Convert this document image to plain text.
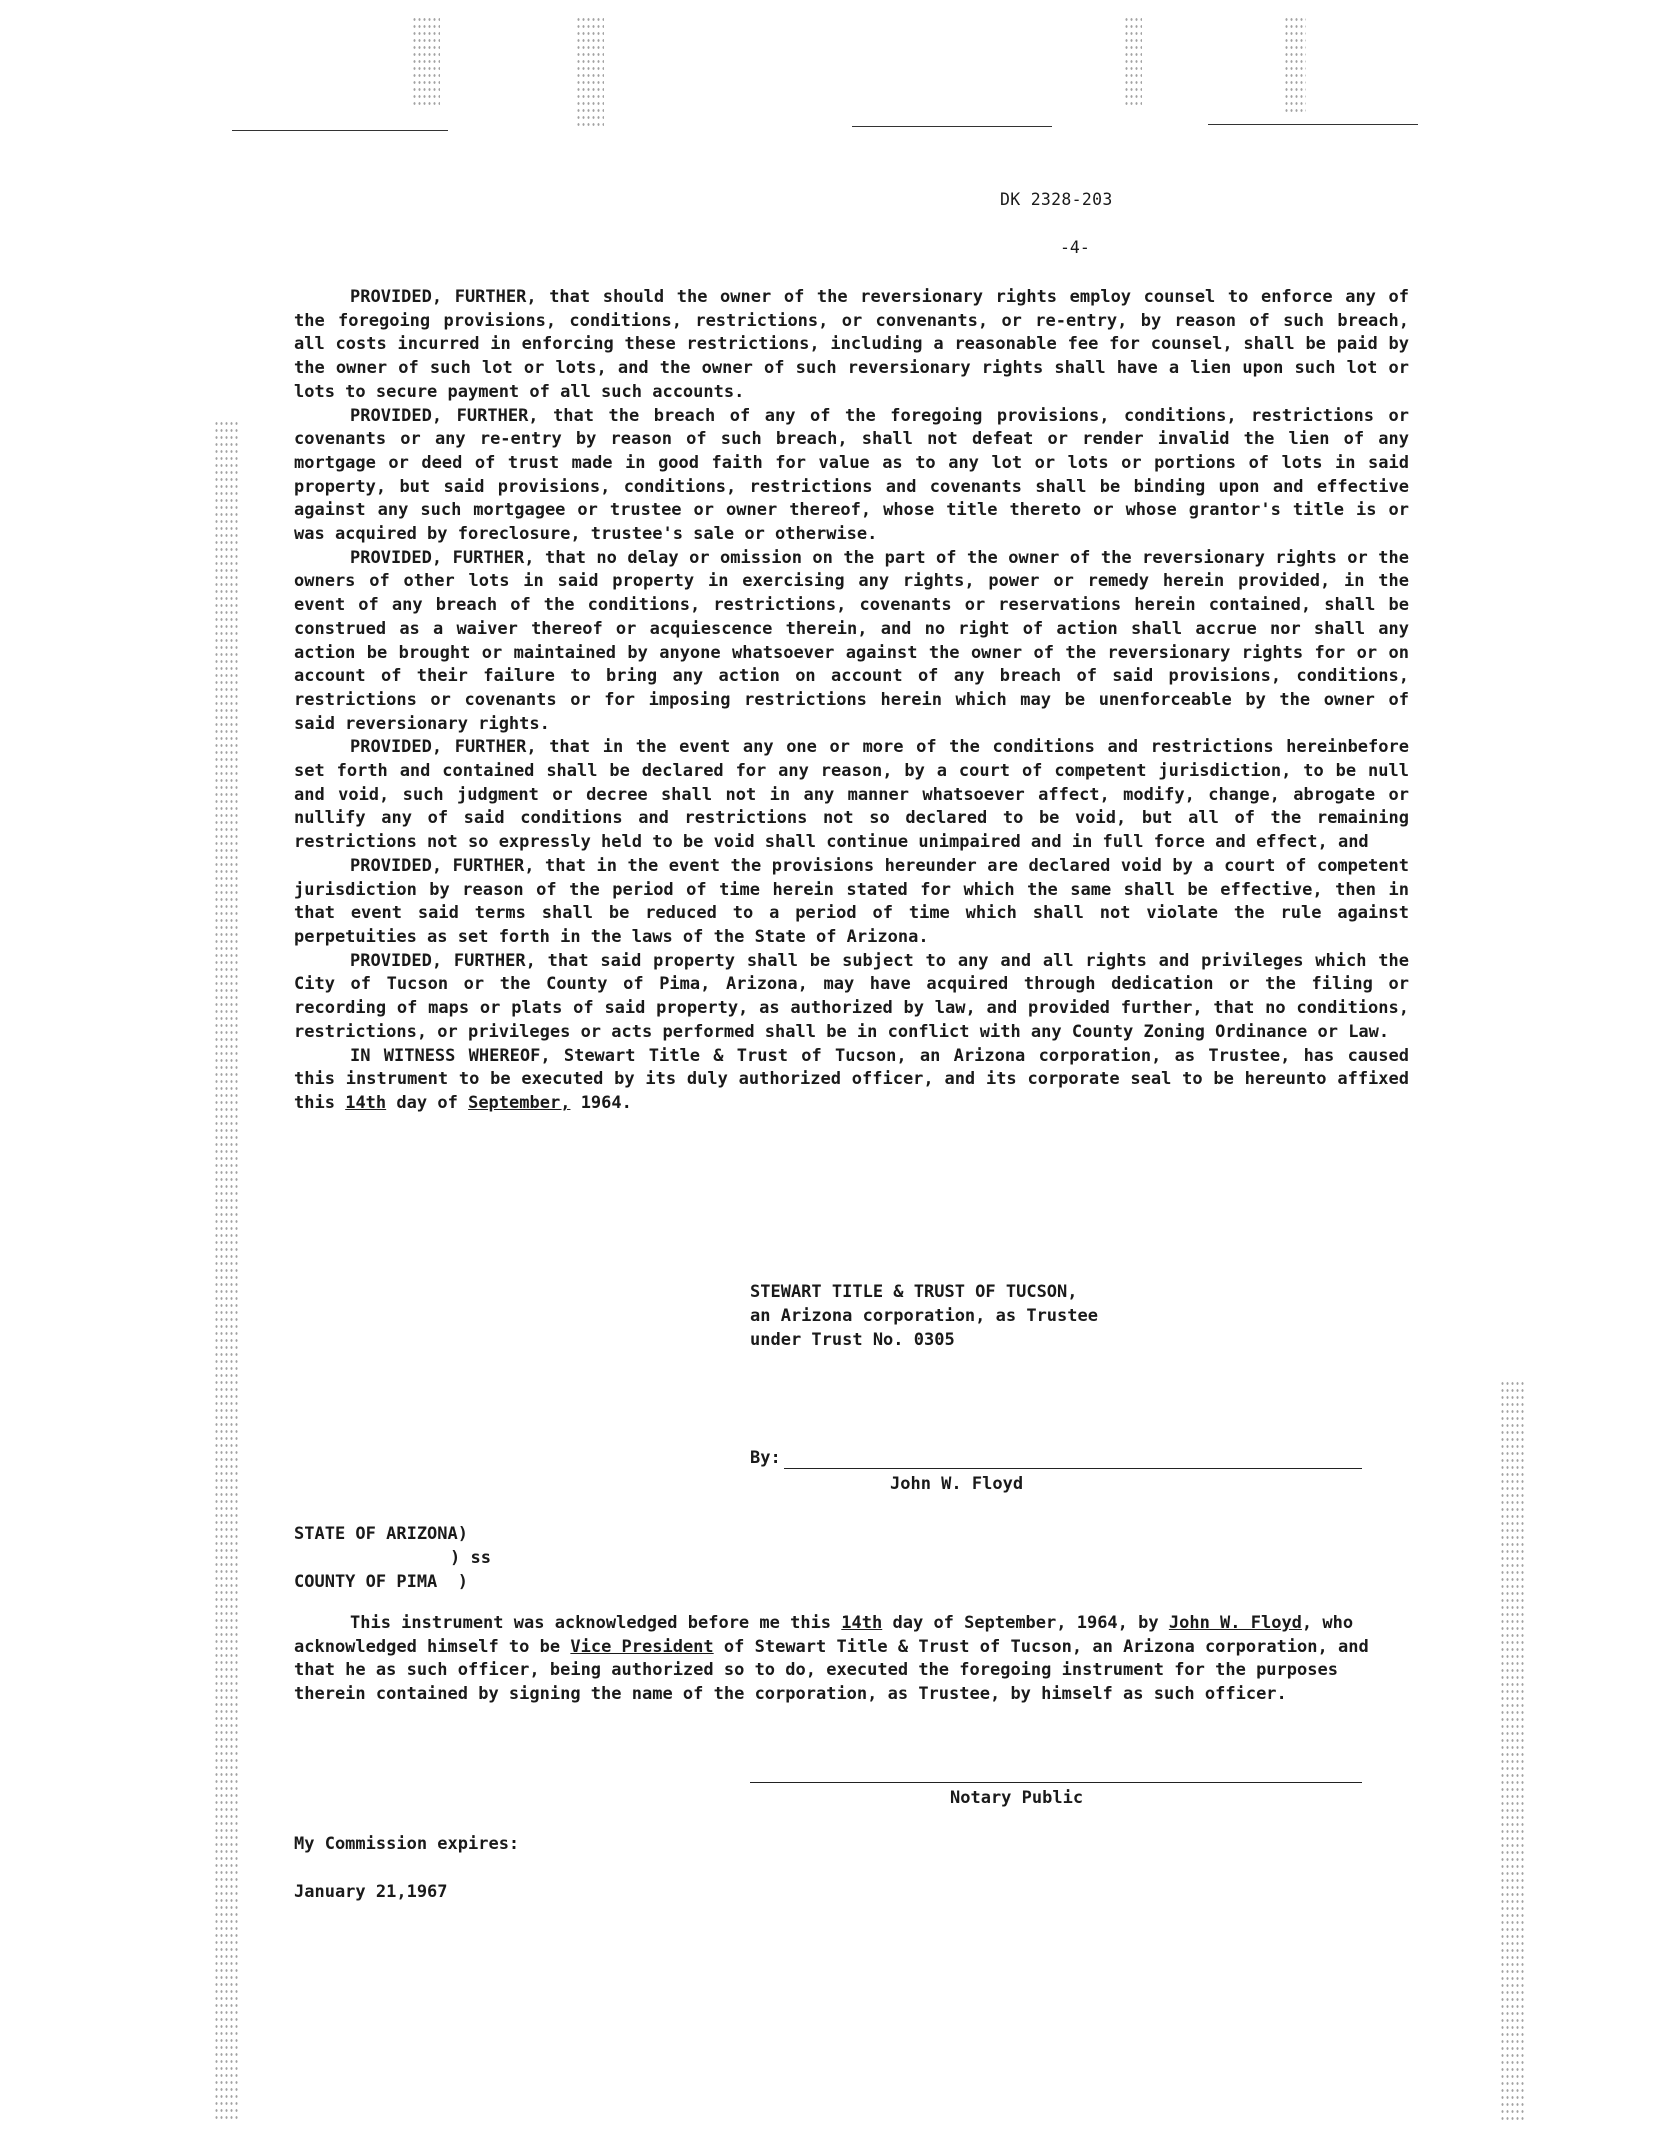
DK 2328-203
-4-

PROVIDED, FURTHER, that should the owner of the reversionary rights employ counsel to enforce any of the foregoing provisions, conditions, restrictions, or convenants, or re-entry, by reason of such breach, all costs incurred in enforcing these restrictions, including a reasonable fee for counsel, shall be paid by the owner of such lot or lots, and the owner of such reversionary rights shall have a lien upon such lot or lots to secure payment of all such accounts.

PROVIDED, FURTHER, that the breach of any of the foregoing provisions, conditions, restrictions or covenants or any re-entry by reason of such breach, shall not defeat or render invalid the lien of any mortgage or deed of trust made in good faith for value as to any lot or lots or portions of lots in said property, but said provisions, conditions, restrictions and covenants shall be binding upon and effective against any such mortgagee or trustee or owner thereof, whose title thereto or whose grantor's title is or was acquired by foreclosure, trustee's sale or otherwise.

PROVIDED, FURTHER, that no delay or omission on the part of the owner of the reversionary rights or the owners of other lots in said property in exercising any rights, power or remedy herein provided, in the event of any breach of the conditions, restrictions, covenants or reservations herein contained, shall be construed as a waiver thereof or acquiescence therein, and no right of action shall accrue nor shall any action be brought or maintained by anyone whatsoever against the owner of the reversionary rights for or on account of their failure to bring any action on account of any breach of said provisions, conditions, restrictions or covenants or for imposing restrictions herein which may be unenforceable by the owner of said reversionary rights.

PROVIDED, FURTHER, that in the event any one or more of the conditions and restrictions hereinbefore set forth and contained shall be declared for any reason, by a court of competent jurisdiction, to be null and void, such judgment or decree shall not in any manner whatsoever affect, modify, change, abrogate or nullify any of said conditions and restrictions not so declared to be void, but all of the remaining restrictions not so expressly held to be void shall continue unimpaired and in full force and effect, and

PROVIDED, FURTHER, that in the event the provisions hereunder are declared void by a court of competent jurisdiction by reason of the period of time herein stated for which the same shall be effective, then in that event said terms shall be reduced to a period of time which shall not violate the rule against perpetuities as set forth in the laws of the State of Arizona.

PROVIDED, FURTHER, that said property shall be subject to any and all rights and privileges which the City of Tucson or the County of Pima, Arizona, may have acquired through dedication or the filing or recording of maps or plats of said property, as authorized by law, and provided further, that no conditions, restrictions, or privileges or acts performed shall be in conflict with any County Zoning Ordinance or Law.

IN WITNESS WHEREOF, Stewart Title & Trust of Tucson, an Arizona corporation, as Trustee, has caused this instrument to be executed by its duly authorized officer, and its corporate seal to be hereunto affixed this 14th day of September, 1964.

STEWART TITLE & TRUST OF TUCSON,
an Arizona corporation, as Trustee
under Trust No. 0305
By:
John W. Floyd
STATE OF ARIZONA)
) ss
COUNTY OF PIMA  )
This instrument was acknowledged before me this 14th day of September, 1964, by John W. Floyd, who acknowledged himself to be Vice President of Stewart Title & Trust of Tucson, an Arizona corporation, and that he as such officer, being authorized so to do, executed the foregoing instrument for the purposes therein contained by signing the name of the corporation, as Trustee, by himself as such officer.
Notary Public
My Commission expires:
January 21,1967
